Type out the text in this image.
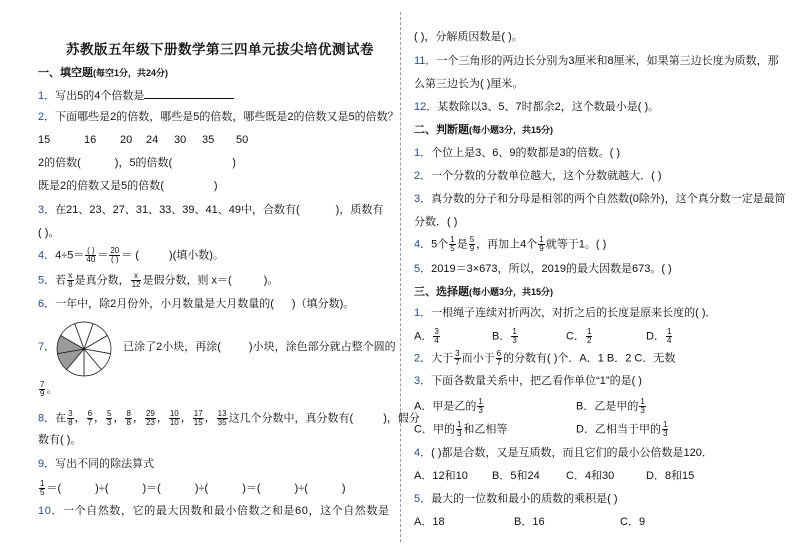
苏教版五年级下册数学第三四单元拔尖培优测试卷
一、填空题(每空1分，共24分)
1．写出5的4个倍数是
2．下面哪些是2的倍数，哪些是5的倍数，哪些既是2的倍数又是5的倍数？
15	16 20 24 30 35 50
2的倍数(	)，5的倍数(	)
既是2的倍数又是5的倍数(	)
3．在21、23、27、31、33、39、41、49中，合数有(	)，质数有
( )。
4．$4\div 5= \frac{( )}{40} = \frac{20}{( )}$ ＝ (	)(填小数)。
5．若 $\frac{x}{8}$ 是真分数， $\frac{x}{12}$ 是假分数，则 x＝(	)。
6．一年中，除2月份外，小月数量是大月数量的( )（填分数)。
7．	已涂了2小块，再涂(	)小块，涂色部分就占整个圆的
$\frac{7}{9}$ 。
8．在 $\frac{3}{8}$ ， $\frac{6}{7}$ ， $\frac{5}{3}$ ， $\frac{8}{8}$ ， $\frac{29}{23}$ ， $\frac{10}{10}$ ， $\frac{17}{15}$ ， $\frac{13}{35}$ 这几个分数中，真分数有(	)，假分
数有( )。
9．写出不同的除法算式
$\frac{1}{5}$ ＝(	)÷(	)＝(	)÷(	)＝(	)÷(	)
10．一个自然数，它的最大因数和最小倍数之和是60，这个自然数是
( )，分解质因数是( )。
11．一个三角形的两边长分别为3厘米和8厘米，如果第三边长度为质数，那
么第三边长为( )厘米。
12．某数除以3、5、7时都余2，这个数最小是( )。
二、判断题(每小题3分，共15分)
1．个位上是3、6、9的数都是3的倍数。( )
2．一个分数的分数单位越大，这个分数就越大．( )
3．真分数的分子和分母是相邻的两个自然数(0除外)，这个真分数一定是最简
分数．( )
4．5个 $\frac{1}{5}$ 是 $\frac{5}{9}$ ，再加上4个 $\frac{1}{9}$ 就等于1。( )
5．2019＝3×673，所以，2019的最大因数是673。( )
三、选择题(每小题3分，共15分)
1．一根绳子连续对折两次，对折之后的长度是原来长度的( )．
A． $\frac{3}{4}$	B． $\frac{1}{3}$	C． $\frac{1}{2}$	D． $\frac{1}{4}$
2．大于 $\frac{3}{7}$ 而小于 $\frac{6}{7}$ 的分数有( )个．A．1 B．2 C．无数
3．下面各数量关系中，把乙看作单位“1”的是( )
A．甲是乙的 $\frac{1}{3}$	B．乙是甲的 $\frac{1}{3}$
C．甲的 $\frac{1}{3}$ 和乙相等	D．乙相当于甲的 $\frac{1}{3}$
4．( )都是合数，又是互质数，而且它们的最小公倍数是120．
A．12和10 B．5和24 C．4和30	D．8和15
5．最大的一位数和最小的质数的乘积是( )
A．18	B．16	C．9
